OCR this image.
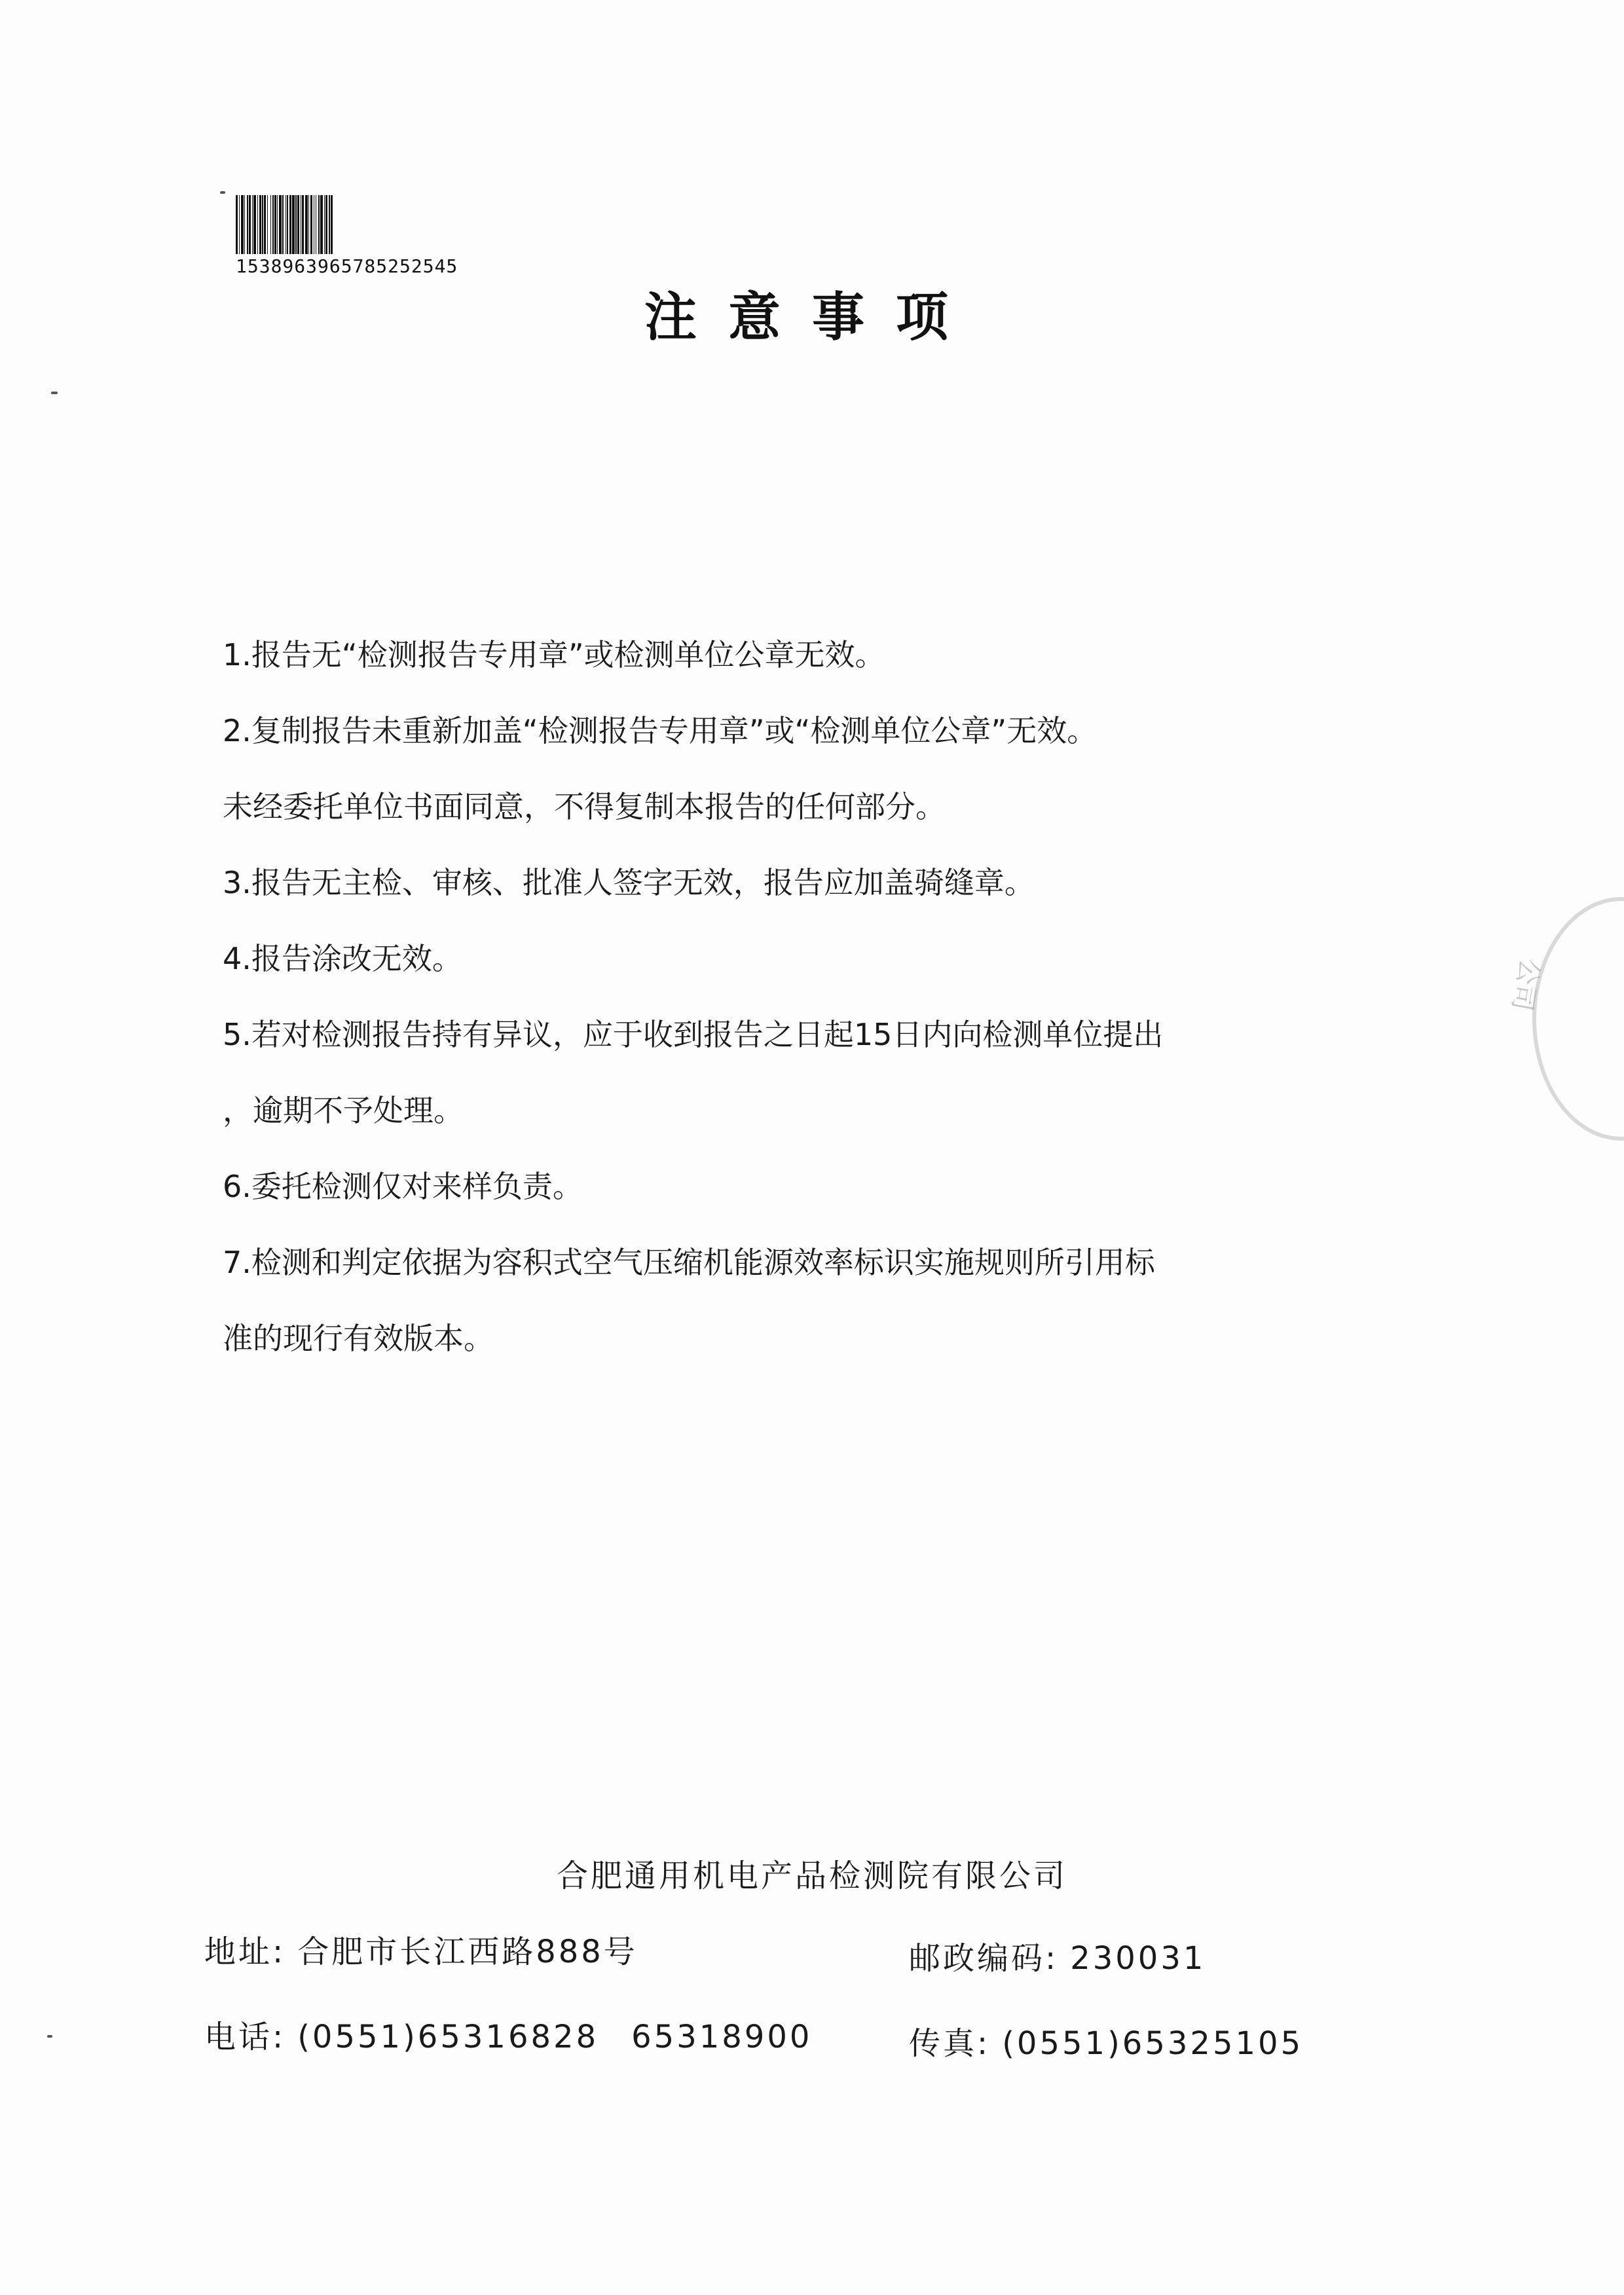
1538963965785252545
注意事项
1.报告无“检测报告专用章”或检测单位公章无效。
2.复制报告未重新加盖“检测报告专用章”或“检测单位公章”无效。
未经委托单位书面同意，不得复制本报告的任何部分。
3.报告无主检、审核、批准人签字无效，报告应加盖骑缝章。
4.报告涂改无效。
5.若对检测报告持有异议，应于收到报告之日起15日内向检测单位提出
，逾期不予处理。
6.委托检测仅对来样负责。
7.检测和判定依据为容积式空气压缩机能源效率标识实施规则所引用标
准的现行有效版本。
公司
合肥通用机电产品检测院有限公司
地址: 合肥市长江西路888号	邮政编码: 230031
电话: (0551)65316828 65318900	传真: (0551)65325105
